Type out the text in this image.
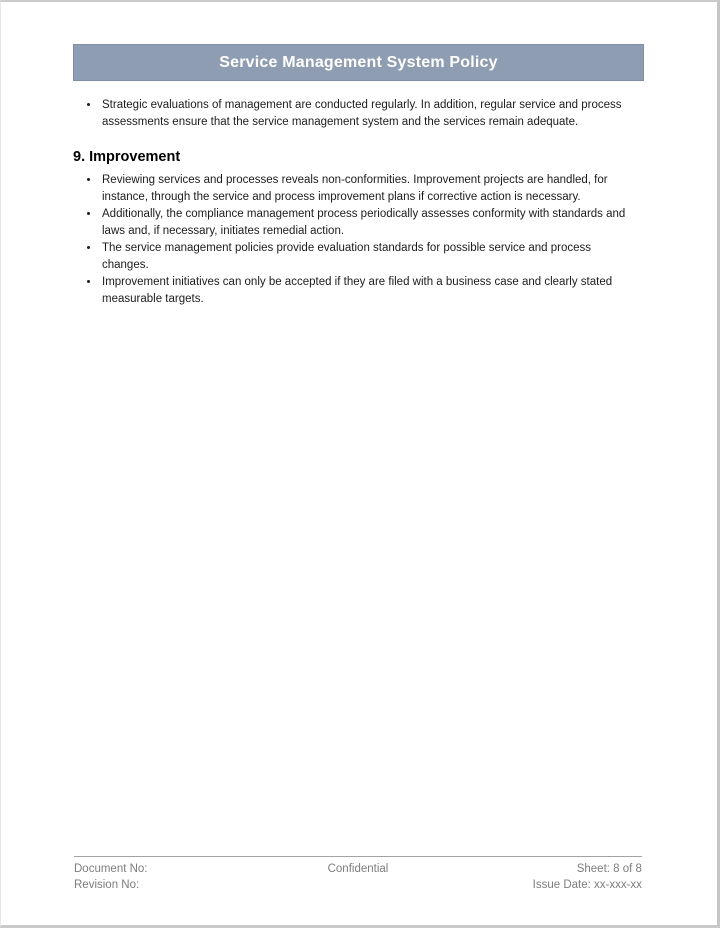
Service Management System Policy
• Strategic evaluations of management are conducted regularly. In addition, regular service and process assessments ensure that the service management system and the services remain adequate.
9. Improvement
• Reviewing services and processes reveals non-conformities. Improvement projects are handled, for instance, through the service and process improvement plans if corrective action is necessary.
• Additionally, the compliance management process periodically assesses conformity with standards and laws and, if necessary, initiates remedial action.
• The service management policies provide evaluation standards for possible service and process changes.
• Improvement initiatives can only be accepted if they are filed with a business case and clearly stated measurable targets.
Document No:
Revision No:
Confidential	Sheet: 8 of 8
Issue Date: xx-xxx-xx
